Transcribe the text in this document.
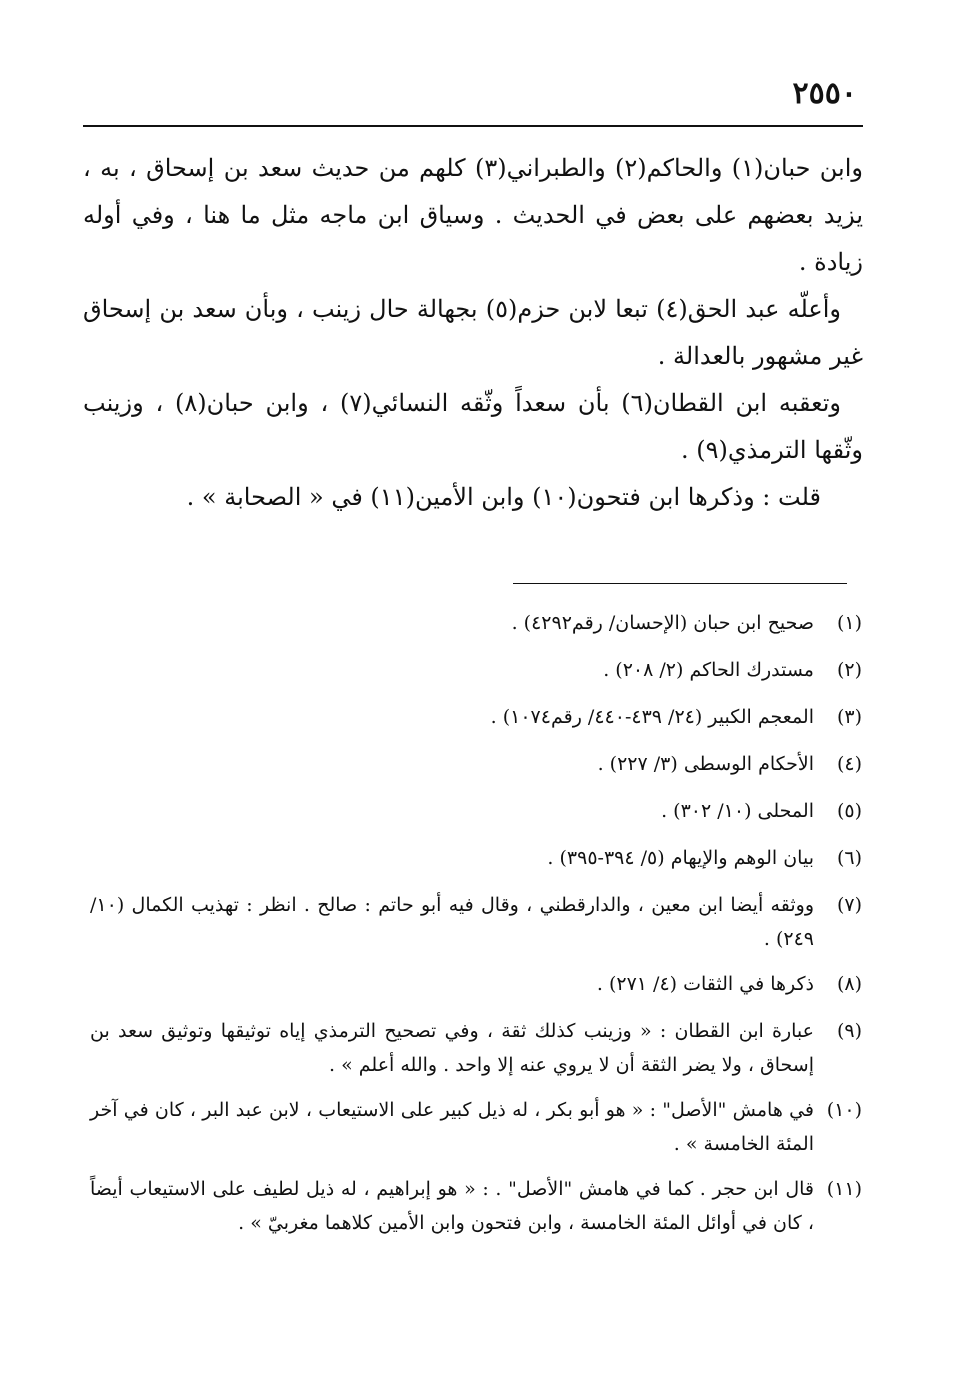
٢٥٥٠

وابن حبان(١) والحاكم(٢) والطبراني(٣) كلهم من حديث سعد بن إسحاق ، به ، يزيد بعضهم على بعض في الحديث . وسياق ابن ماجه مثل ما هنا ، وفي أوله زيادة .

وأعلّه عبد الحق(٤) تبعا لابن حزم(٥) بجهالة حال زينب ، وبأن سعد بن إسحاق غير مشهور بالعدالة .

وتعقبه ابن القطان(٦) بأن سعداً وثّقه النسائي(٧) ، وابن حبان(٨) ، وزينب وثّقها الترمذي(٩) .

قلت : وذكرها ابن فتحون(١٠) وابن الأمين(١١) في « الصحابة » .

(١)
صحيح ابن حبان (الإحسان/ رقم٤٢٩٢) .
(٢)
مستدرك الحاكم (٢/ ٢٠٨) .
(٣)
المعجم الكبير (٢٤/ ٤٣٩-٤٤٠/ رقم١٠٧٤) .
(٤)
الأحكام الوسطى (٣/ ٢٢٧) .
(٥)
المحلى (١٠/ ٣٠٢) .
(٦)
بيان الوهم والإيهام (٥/ ٣٩٤-٣٩٥) .
(٧)
ووثقه أيضا ابن معين ، والدارقطني ، وقال فيه أبو حاتم : صالح . انظر : تهذيب الكمال (١٠/ ٢٤٩) .
(٨)
ذكرها في الثقات (٤/ ٢٧١) .
(٩)
عبارة ابن القطان : « وزينب كذلك ثقة ، وفي تصحيح الترمذي إياه توثيقها وتوثيق سعد بن إسحاق ، ولا يضر الثقة أن لا يروي عنه إلا واحد . والله أعلم » .
(١٠)
في هامش "الأصل" : « هو أبو بكر ، له ذيل كبير على الاستيعاب ، لابن عبد البر ، كان في آخر المئة الخامسة » .
(١١)
قال ابن حجر . كما في هامش "الأصل" . : « هو إبراهيم ، له ذيل لطيف على الاستيعاب أيضاً ، كان في أوائل المئة الخامسة ، وابن فتحون وابن الأمين كلاهما مغربيّ » .
